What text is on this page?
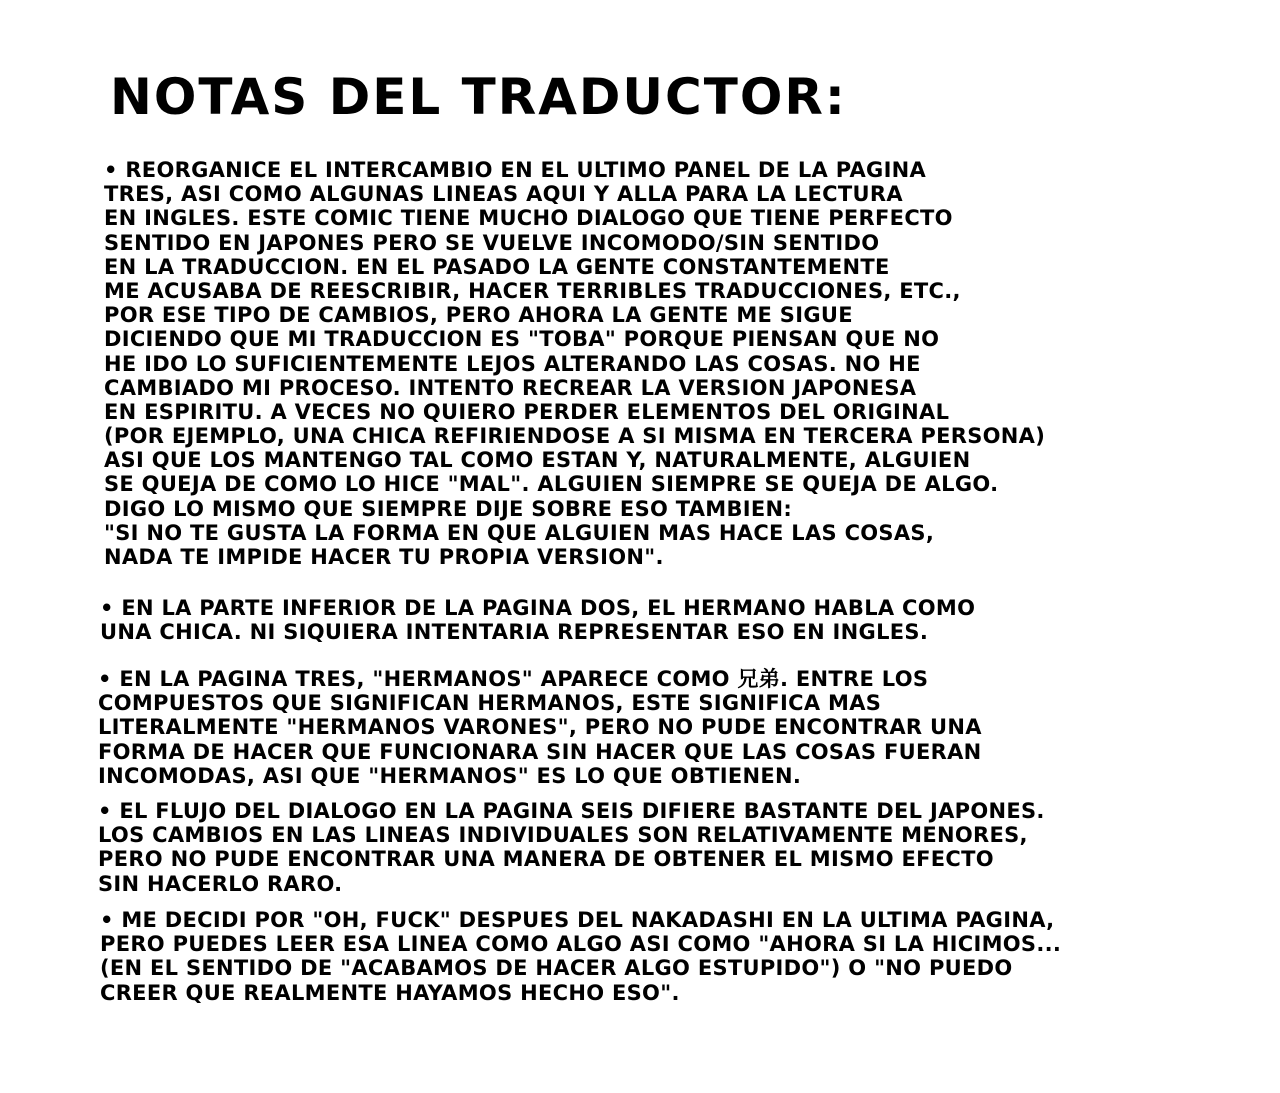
NOTAS DEL TRADUCTOR:
• REORGANICE EL INTERCAMBIO EN EL ULTIMO PANEL DE LA PAGINA
TRES, ASI COMO ALGUNAS LINEAS AQUI Y ALLA PARA LA LECTURA
EN INGLES. ESTE COMIC TIENE MUCHO DIALOGO QUE TIENE PERFECTO
SENTIDO EN JAPONES PERO SE VUELVE INCOMODO/SIN SENTIDO
EN LA TRADUCCION. EN EL PASADO LA GENTE CONSTANTEMENTE
ME ACUSABA DE REESCRIBIR, HACER TERRIBLES TRADUCCIONES, ETC.,
POR ESE TIPO DE CAMBIOS, PERO AHORA LA GENTE ME SIGUE
DICIENDO QUE MI TRADUCCION ES "TOBA" PORQUE PIENSAN QUE NO
HE IDO LO SUFICIENTEMENTE LEJOS ALTERANDO LAS COSAS. NO HE
CAMBIADO MI PROCESO. INTENTO RECREAR LA VERSION JAPONESA
EN ESPIRITU. A VECES NO QUIERO PERDER ELEMENTOS DEL ORIGINAL
(POR EJEMPLO, UNA CHICA REFIRIENDOSE A SI MISMA EN TERCERA PERSONA)
ASI QUE LOS MANTENGO TAL COMO ESTAN Y, NATURALMENTE, ALGUIEN
SE QUEJA DE COMO LO HICE "MAL". ALGUIEN SIEMPRE SE QUEJA DE ALGO.
DIGO LO MISMO QUE SIEMPRE DIJE SOBRE ESO TAMBIEN:
"SI NO TE GUSTA LA FORMA EN QUE ALGUIEN MAS HACE LAS COSAS,
NADA TE IMPIDE HACER TU PROPIA VERSION".
• EN LA PARTE INFERIOR DE LA PAGINA DOS, EL HERMANO HABLA COMO
UNA CHICA. NI SIQUIERA INTENTARIA REPRESENTAR ESO EN INGLES.
• EN LA PAGINA TRES, "HERMANOS" APARECE COMO 兄弟. ENTRE LOS
COMPUESTOS QUE SIGNIFICAN HERMANOS, ESTE SIGNIFICA MAS
LITERALMENTE "HERMANOS VARONES", PERO NO PUDE ENCONTRAR UNA
FORMA DE HACER QUE FUNCIONARA SIN HACER QUE LAS COSAS FUERAN
INCOMODAS, ASI QUE "HERMANOS" ES LO QUE OBTIENEN.
• EL FLUJO DEL DIALOGO EN LA PAGINA SEIS DIFIERE BASTANTE DEL JAPONES.
LOS CAMBIOS EN LAS LINEAS INDIVIDUALES SON RELATIVAMENTE MENORES,
PERO NO PUDE ENCONTRAR UNA MANERA DE OBTENER EL MISMO EFECTO
SIN HACERLO RARO.
• ME DECIDI POR "OH, FUCK" DESPUES DEL NAKADASHI EN LA ULTIMA PAGINA,
PERO PUEDES LEER ESA LINEA COMO ALGO ASI COMO "AHORA SI LA HICIMOS...
(EN EL SENTIDO DE "ACABAMOS DE HACER ALGO ESTUPIDO") O "NO PUEDO
CREER QUE REALMENTE HAYAMOS HECHO ESO".
